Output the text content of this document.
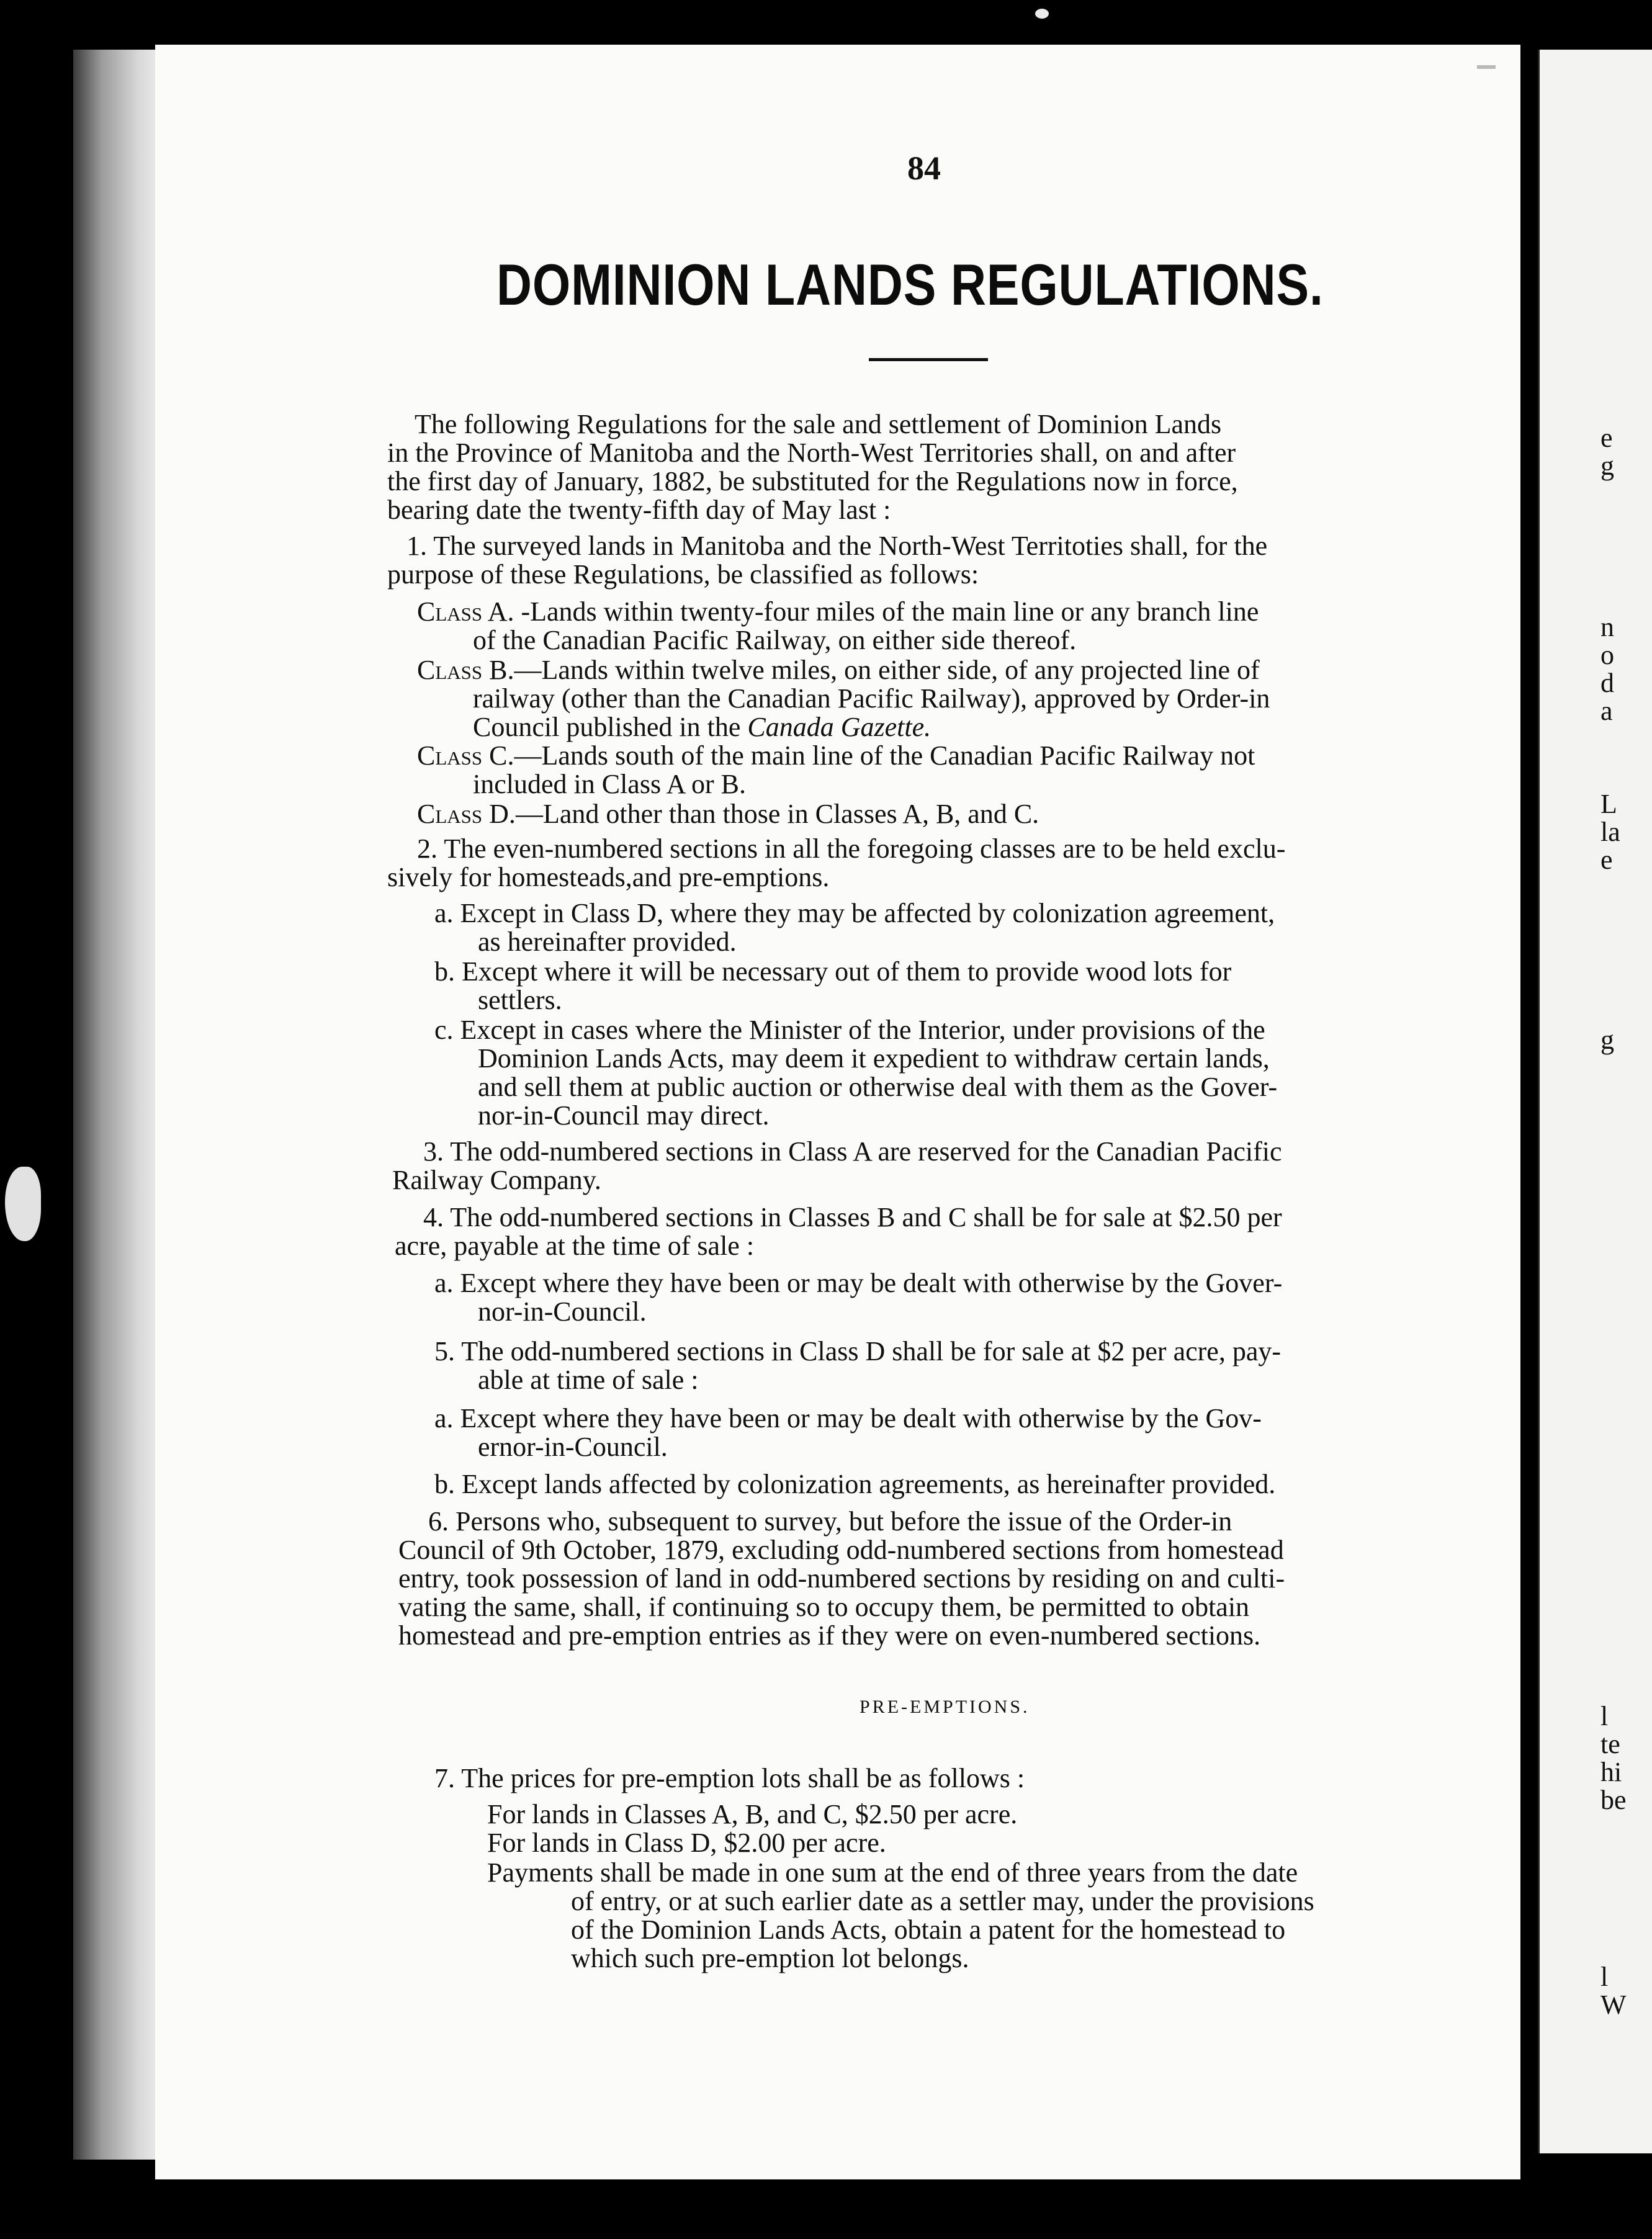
e
g
n
o
d
a
L
la
e
g
l
te
hi
be
l
W
84
DOMINION LANDS REGULATIONS.
The following Regulations for the sale and settlement of Dominion Lands
in the Province of Manitoba and the North-West Territories shall, on and after
the first day of January, 1882, be substituted for the Regulations now in force,
bearing date the twenty-fifth day of May last :
1. The surveyed lands in Manitoba and the North-West Territoties shall, for the
purpose of these Regulations, be classified as follows:
Class A. -Lands within twenty-four miles of the main line or any branch line
of the Canadian Pacific Railway, on either side thereof.
Class B.—Lands within twelve miles, on either side, of any projected line of
railway (other than the Canadian Pacific Railway), approved by Order-in
Council published in the Canada Gazette.
Class C.—Lands south of the main line of the Canadian Pacific Railway not
included in Class A or B.
Class D.—Land other than those in Classes A, B, and C.
2. The even-numbered sections in all the foregoing classes are to be held exclu-
sively for homesteads,and pre-emptions.
a. Except in Class D, where they may be affected by colonization agreement,
as hereinafter provided.
b. Except where it will be necessary out of them to provide wood lots for
settlers.
c. Except in cases where the Minister of the Interior, under provisions of the
Dominion Lands Acts, may deem it expedient to withdraw certain lands,
and sell them at public auction or otherwise deal with them as the Gover-
nor-in-Council may direct.
3. The odd-numbered sections in Class A are reserved for the Canadian Pacific
Railway Company.
4. The odd-numbered sections in Classes B and C shall be for sale at $2.50 per
acre, payable at the time of sale :
a. Except where they have been or may be dealt with otherwise by the Gover-
nor-in-Council.
5. The odd-numbered sections in Class D shall be for sale at $2 per acre, pay-
able at time of sale :
a. Except where they have been or may be dealt with otherwise by the Gov-
ernor-in-Council.
b. Except lands affected by colonization agreements, as hereinafter provided.
6. Persons who, subsequent to survey, but before the issue of the Order-in
Council of 9th October, 1879, excluding odd-numbered sections from homestead
entry, took possession of land in odd-numbered sections by residing on and culti-
vating the same, shall, if continuing so to occupy them, be permitted to obtain
homestead and pre-emption entries as if they were on even-numbered sections.
PRE-EMPTIONS.
7. The prices for pre-emption lots shall be as follows :
For lands in Classes A, B, and C, $2.50 per acre.
For lands in Class D, $2.00 per acre.
Payments shall be made in one sum at the end of three years from the date
of entry, or at such earlier date as a settler may, under the provisions
of the Dominion Lands Acts, obtain a patent for the homestead to
which such pre-emption lot belongs.
